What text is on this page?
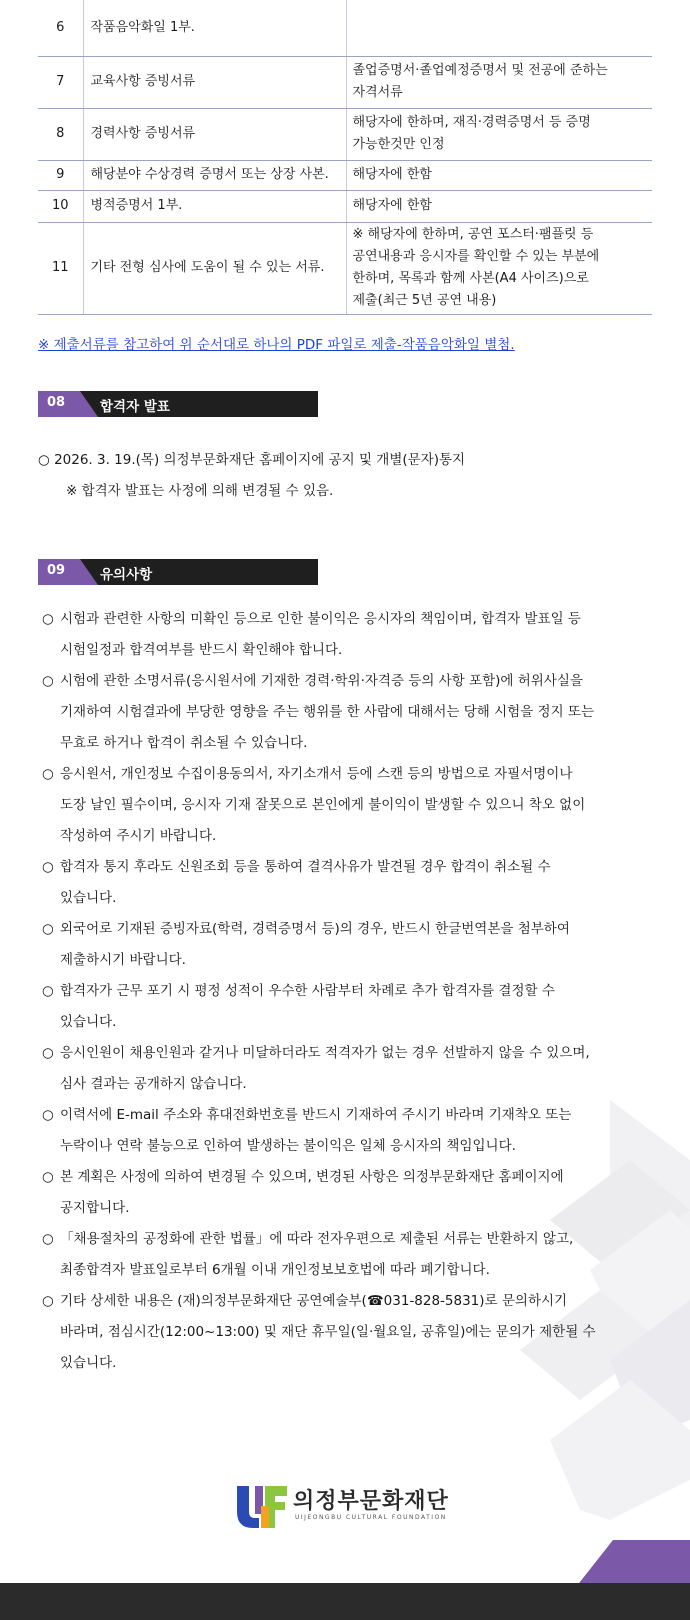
6	작품음악화일 1부.	
7	교육사항 증빙서류	졸업증명서·졸업예정증명서 및 전공에 준하는
자격서류

8	경력사항 증빙서류	해당자에 한하며, 재직·경력증명서 등 증명
가능한것만 인정

9	해당분야 수상경력 증명서 또는 상장 사본.	해당자에 한함

10	병적증명서 1부.	해당자에 한함

11	기타 전형 심사에 도움이 될 수 있는 서류.	※ 해당자에 한하며, 공연 포스터·팸플릿 등
공연내용과 응시자를 확인할 수 있는 부분에
한하며, 목록과 함께 사본(A4 사이즈)으로
제출(최근 5년 공연 내용)
※ 제출서류를 참고하여 위 순서대로 하나의 PDF 파일로 제출-작품음악화일 별첨.
08	합격자 발표
○ 2026. 3. 19.(목) 의정부문화재단 홈페이지에 공지 및 개별(문자)통지
※ 합격자 발표는 사정에 의해 변경될 수 있음.
09	유의사항
○ 시험과 관련한 사항의 미확인 등으로 인한 불이익은 응시자의 책임이며, 합격자 발표일 등
시험일정과 합격여부를 반드시 확인해야 합니다.
○ 시험에 관한 소명서류(응시원서에 기재한 경력·학위·자격증 등의 사항 포함)에 허위사실을
기재하여 시험결과에 부당한 영향을 주는 행위를 한 사람에 대해서는 당해 시험을 정지 또는
무효로 하거나 합격이 취소될 수 있습니다.
○ 응시원서, 개인정보 수집이용동의서, 자기소개서 등에 스캔 등의 방법으로 자필서명이나
도장 날인 필수이며, 응시자 기재 잘못으로 본인에게 불이익이 발생할 수 있으니 착오 없이
작성하여 주시기 바랍니다.
○ 합격자 통지 후라도 신원조회 등을 통하여 결격사유가 발견될 경우 합격이 취소될 수
있습니다.
○ 외국어로 기재된 증빙자료(학력, 경력증명서 등)의 경우, 반드시 한글번역본을 첨부하여
제출하시기 바랍니다.
○ 합격자가 근무 포기 시 평정 성적이 우수한 사람부터 차례로 추가 합격자를 결정할 수
있습니다.
○ 응시인원이 채용인원과 같거나 미달하더라도 적격자가 없는 경우 선발하지 않을 수 있으며,
심사 결과는 공개하지 않습니다.
○ 이력서에 E-mail 주소와 휴대전화번호를 반드시 기재하여 주시기 바라며 기재착오 또는
누락이나 연락 불능으로 인하여 발생하는 불이익은 일체 응시자의 책임입니다.
○ 본 계획은 사정에 의하여 변경될 수 있으며, 변경된 사항은 의정부문화재단 홈페이지에
공지합니다.
○ 「채용절차의 공정화에 관한 법률」에 따라 전자우편으로 제출된 서류는 반환하지 않고,
최종합격자 발표일로부터 6개월 이내 개인정보보호법에 따라 폐기합니다.
○ 기타 상세한 내용은 (재)의정부문화재단 공연예술부(☎031-828-5831)로 문의하시기
바라며, 점심시간(12:00~13:00) 및 재단 휴무일(일·월요일, 공휴일)에는 문의가 제한될 수
있습니다.
의정부문화재단
UIJEONGBU CULTURAL FOUNDATION
